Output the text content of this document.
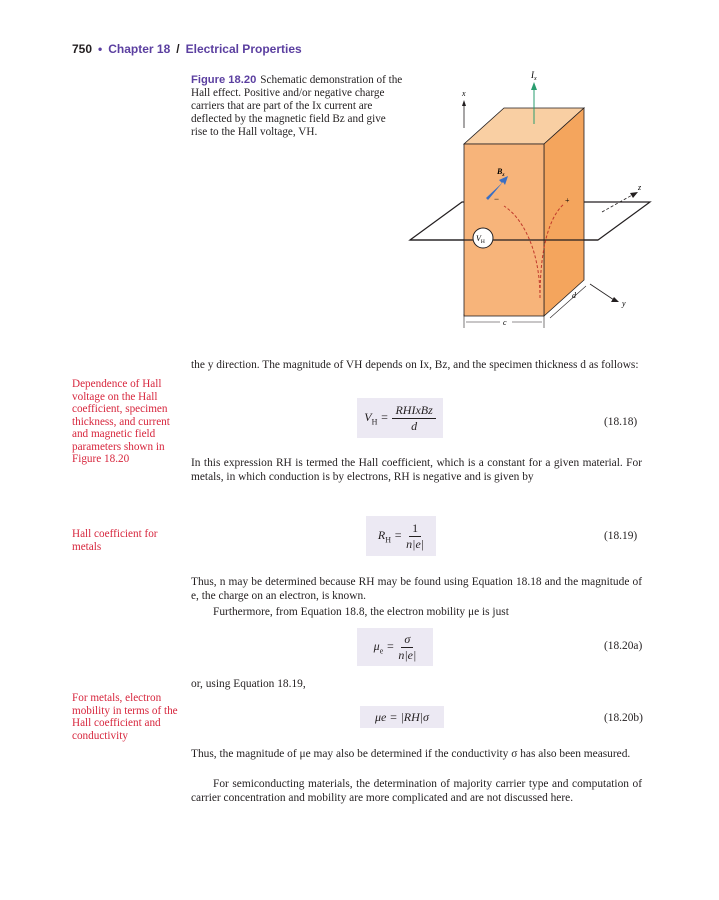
750 • Chapter 18 / Electrical Properties
Figure 18.20 Schematic demonstration of the Hall effect. Positive and/or negative charge carriers that are part of the Ix current are deflected by the magnetic field Bz and give rise to the Hall voltage, VH.
$I_x$
x
z
y
$B_z$
−	+
$V_H$
d
c
the y direction. The magnitude of VH depends on Ix, Bz, and the specimen thickness d as follows:
Dependence of Hall voltage on the Hall coefficient, specimen thickness, and current and magnetic field parameters shown in Figure 18.20
$V_H = \frac{\text{RHIxBz}}{d}$	(18.18)
In this expression RH is termed the Hall coefficient, which is a constant for a given material. For metals, in which conduction is by electrons, RH is negative and is given by
Hall coefficient for metals
$R_H = \frac{1}{n|e|}$	(18.19)
Thus, n may be determined because RH may be found using Equation 18.18 and the magnitude of e, the charge on an electron, is known.
Furthermore, from Equation 18.8, the electron mobility μe is just
$\mu_e = \frac{\sigma}{n|e|}$	(18.20a)
or, using Equation 18.19,
For metals, electron mobility in terms of the Hall coefficient and conductivity
μe = |RH|σ	(18.20b)
Thus, the magnitude of μe may also be determined if the conductivity σ has also been measured.
For semiconducting materials, the determination of majority carrier type and computation of carrier concentration and mobility are more complicated and are not discussed here.
